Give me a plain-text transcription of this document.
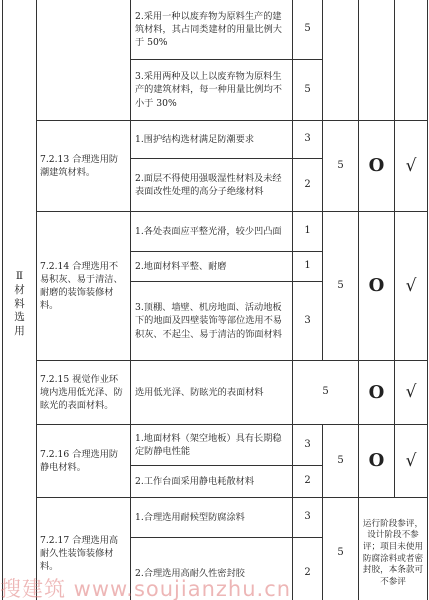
Ⅱ
材
料
选
用		2.采用一种以废弃物为原料生产的建筑材料，其占同类建材的用量比例大于 50%	5			
		3.采用两种及以上以废弃物为原料生产的建筑材料，每一种用量比例均不小于 30%	5			
	7.2.13 合理选用防潮建筑材料。	1.围护结构选材满足防潮要求	3	5	O	√
		2.面层不得使用强吸湿性材料及未经表面改性处理的高分子绝缘材料	2			
	7.2.14 合理选用不易积灰、易于清洁、耐磨的装饰装修材料。	1.各处表面应平整光滑，较少凹凸面	1	5	O	√
		2.地面材料平整、耐磨	1			
		3.顶棚、墙壁、机房地面、活动地板下的地面及四壁装饰等部位选用不易积灰、不起尘、易于清洁的饰面材料	3			
	7.2.15 视觉作业环境内选用低光泽、防眩光的表面材料。	选用低光泽、防眩光的表面材料	5		O	√
	7.2.16 合理选用防静电材料。	1.地面材料（架空地板）具有长期稳定防静电性能	3	5	O	√
		2.工作台面采用静电耗散材料	2			
	7.2.17 合理选用高耐久性装饰装修材料。	1.合理选用耐候型防腐涂料	3	5	运行阶段参评，设计阶段不参评；项目未使用防腐涂料或者密封胶，本条款可不参评	
		2.合理选用高耐久性密封胶	2			
搜建筑 www.soujianzhu.cn
